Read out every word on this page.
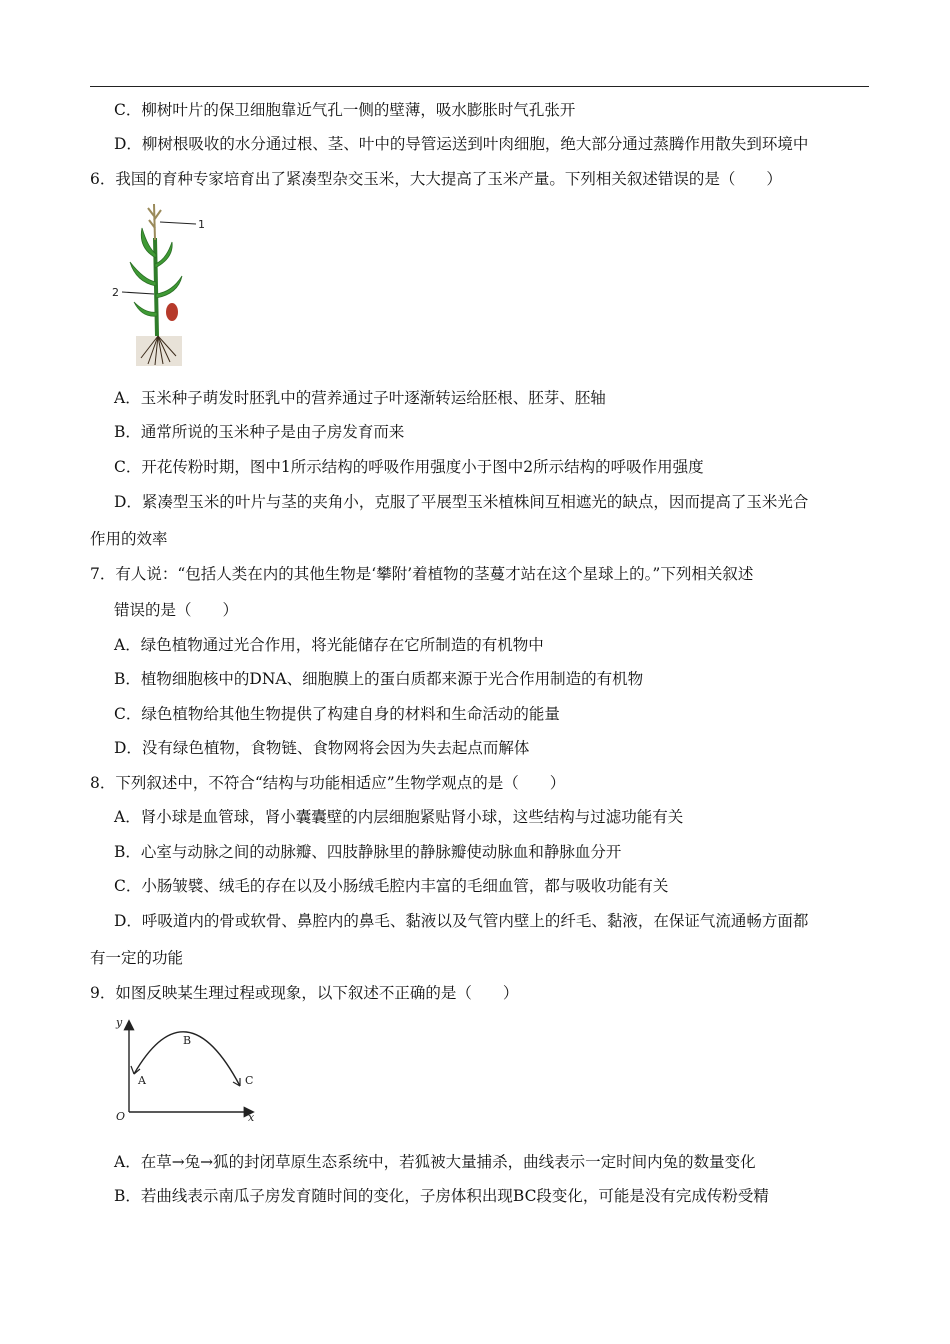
C．柳树叶片的保卫细胞靠近气孔一侧的壁薄，吸水膨胀时气孔张开
D．柳树根吸收的水分通过根、茎、叶中的导管运送到叶肉细胞，绝大部分通过蒸腾作用散失到环境中
6．我国的育种专家培育出了紧凑型杂交玉米，大大提高了玉米产量。下列相关叙述错误的是（　　）
1
2
A．玉米种子萌发时胚乳中的营养通过子叶逐渐转运给胚根、胚芽、胚轴
B．通常所说的玉米种子是由子房发育而来
C．开花传粉时期，图中1所示结构的呼吸作用强度小于图中2所示结构的呼吸作用强度
D．紧凑型玉米的叶片与茎的夹角小，克服了平展型玉米植株间互相遮光的缺点，因而提高了玉米光合
作用的效率
7．有人说：“包括人类在内的其他生物是‘攀附’着植物的茎蔓才站在这个星球上的。”下列相关叙述
错误的是（　　）
A．绿色植物通过光合作用，将光能储存在它所制造的有机物中
B．植物细胞核中的DNA、细胞膜上的蛋白质都来源于光合作用制造的有机物
C．绿色植物给其他生物提供了构建自身的材料和生命活动的能量
D．没有绿色植物，食物链、食物网将会因为失去起点而解体
8．下列叙述中，不符合“结构与功能相适应”生物学观点的是（　　）
A．肾小球是血管球，肾小囊囊壁的内层细胞紧贴肾小球，这些结构与过滤功能有关
B．心室与动脉之间的动脉瓣、四肢静脉里的静脉瓣使动脉血和静脉血分开
C．小肠皱襞、绒毛的存在以及小肠绒毛腔内丰富的毛细血管，都与吸收功能有关
D．呼吸道内的骨或软骨、鼻腔内的鼻毛、黏液以及气管内壁上的纤毛、黏液，在保证气流通畅方面都
有一定的功能
9．如图反映某生理过程或现象，以下叙述不正确的是（　　）
y
O	x
A
B
C
A．在草→兔→狐的封闭草原生态系统中，若狐被大量捕杀，曲线表示一定时间内兔的数量变化
B．若曲线表示南瓜子房发育随时间的变化，子房体积出现BC段变化，可能是没有完成传粉受精
